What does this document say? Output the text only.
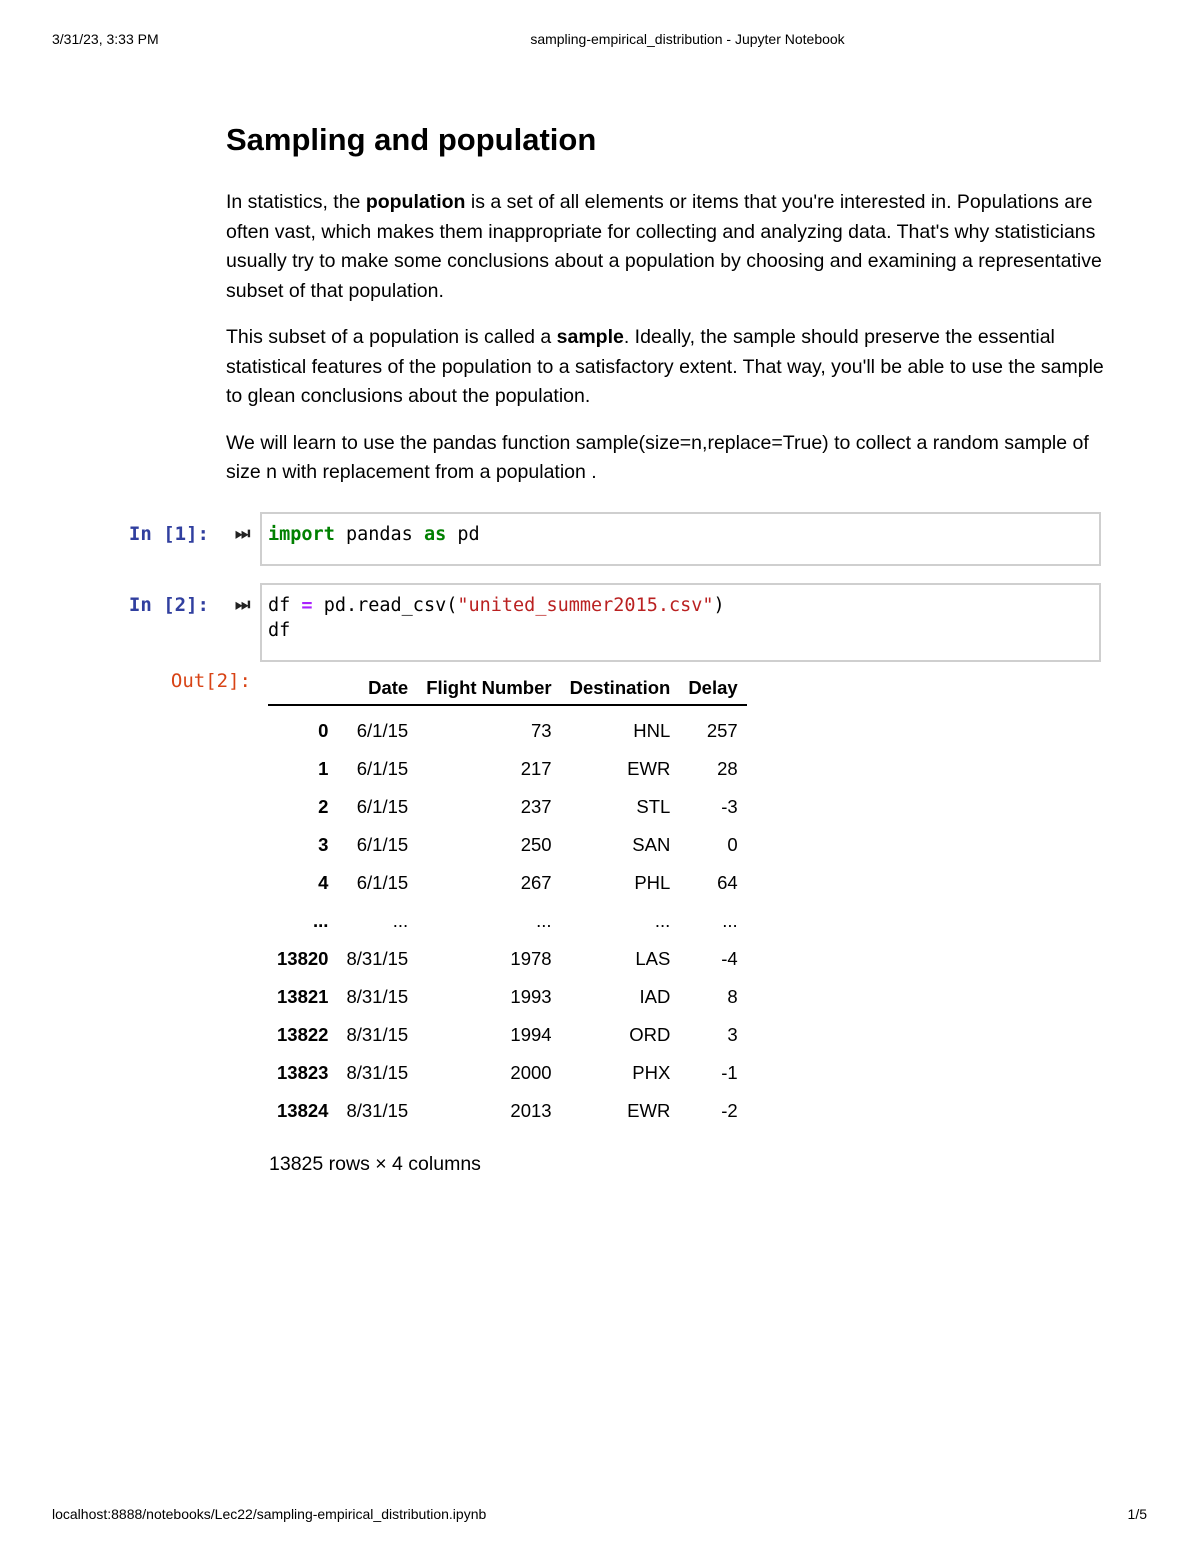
3/31/23, 3:33 PM	sampling-empirical_distribution - Jupyter Notebook
Sampling and population

In statistics, the population is a set of all elements or items that you're interested in. Populations are often vast, which makes them inappropriate for collecting and analyzing data. That's why statisticians usually try to make some conclusions about a population by choosing and examining a representative subset of that population.

This subset of a population is called a sample. Ideally, the sample should preserve the essential statistical features of the population to a satisfactory extent. That way, you'll be able to use the sample to glean conclusions about the population.

We will learn to use the pandas function sample(size=n,replace=True) to collect a random sample of size n with replacement from a population .

In [1]: ⏭ import pandas as pd
In [2]: ⏭ df = pd.read_csv("united_summer2015.csv")
df
Out[2]:
		Date	Flight Number	Destination	Delay
0	6/1/15	73	HNL	257
1	6/1/15	217	EWR	28
2	6/1/15	237	STL	-3
3	6/1/15	250	SAN	0
4	6/1/15	267	PHL	64
...	...	...	...	...
13820	8/31/15	1978	LAS	-4
13821	8/31/15	1993	IAD	8
13822	8/31/15	1994	ORD	3
13823	8/31/15	2000	PHX	-1
13824	8/31/15	2013	EWR	-2
13825 rows × 4 columns
localhost:8888/notebooks/Lec22/sampling-empirical_distribution.ipynb	1/5
